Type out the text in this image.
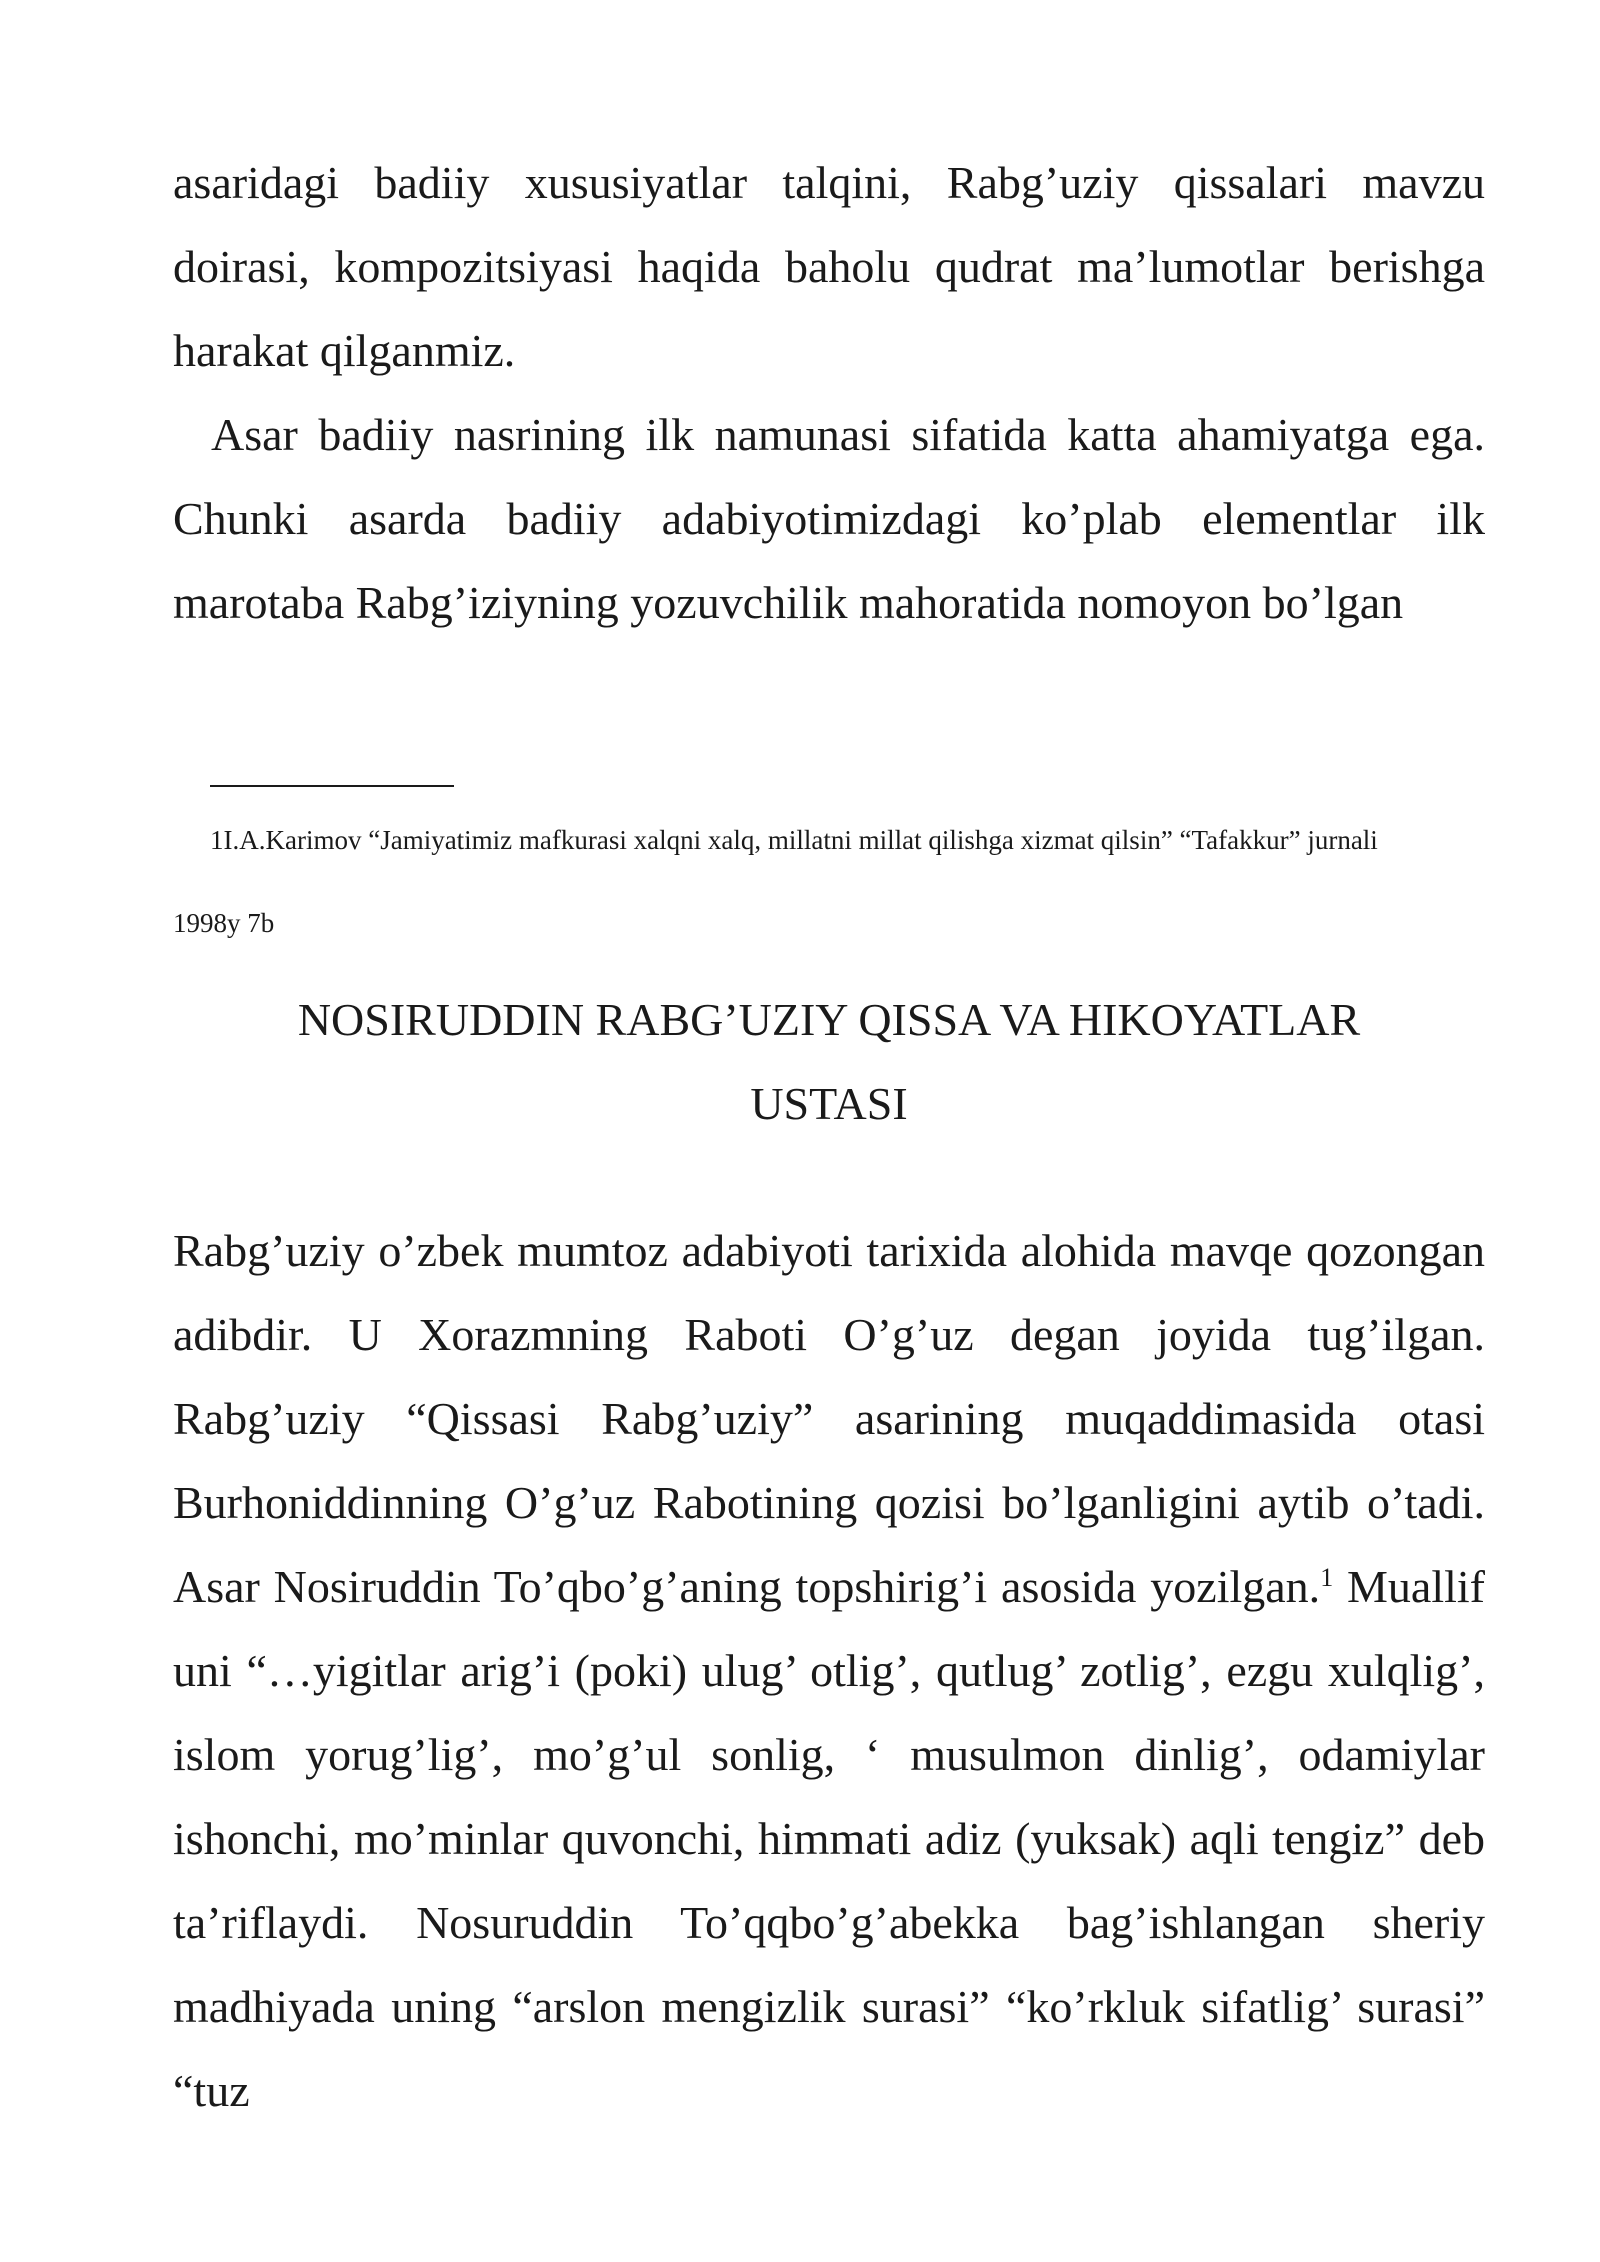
asaridagi badiiy xususiyatlar talqini, Rabg’uziy qissalari mavzu doirasi, kompozitsiyasi haqida baholu qudrat ma’lumotlar berishga harakat qilganmiz.

Asar badiiy nasrining ilk namunasi sifatida katta ahamiyatga ega. Chunki asarda badiiy adabiyotimizdagi ko’plab elementlar ilk marotaba Rabg’iziyning yozuvchilik mahoratida nomoyon bo’lgan

1I.A.Karimov “Jamiyatimiz mafkurasi xalqni xalq, millatni millat qilishga xizmat qilsin” “Tafakkur” jurnali

1998y 7b

NOSIRUDDIN RABG’UZIY QISSA VA HIKOYATLAR
USTASI

Rabg’uziy o’zbek mumtoz adabiyoti tarixida alohida mavqe qozongan adibdir. U Xorazmning Raboti O’g’uz degan joyida tug’ilgan. Rabg’uziy “Qissasi Rabg’uziy” asarining muqaddimasida otasi Burhoniddinning O’g’uz Rabotining qozisi bo’lganligini aytib o’tadi. Asar Nosiruddin To’qbo’g’aning topshirig’i asosida yozilgan.$^1$ Muallif uni “…yigitlar arig’i (poki) ulug’ otlig’, qutlug’ zotlig’, ezgu xulqlig’, islom yorug’lig’, mo’g’ul sonlig, ‘ musulmon dinlig’, odamiylar ishonchi, mo’minlar quvonchi, himmati adiz (yuksak) aqli tengiz” deb ta’riflaydi. Nosuruddin To’qqbo’g’abekka bag’ishlangan sheriy madhiyada uning “arslon mengizlik surasi” “ko’rkluk sifatlig’ surasi” “tuz
